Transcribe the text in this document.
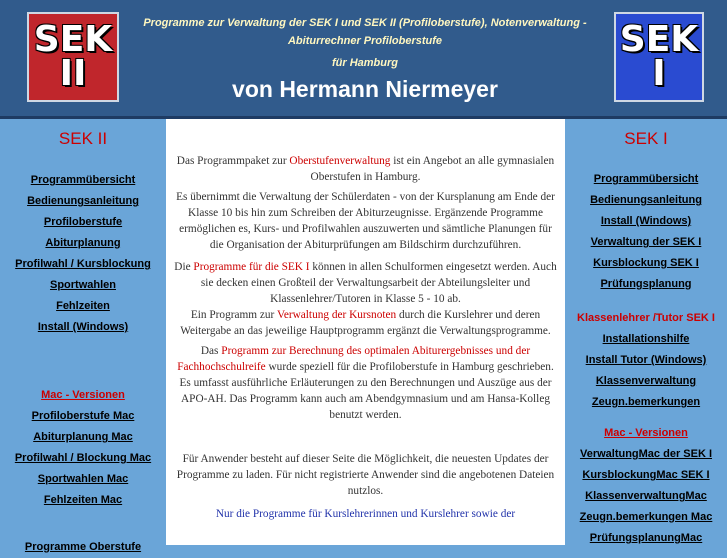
SEK
II
Programme zur Verwaltung der SEK I und SEK II (Profiloberstufe), Notenverwaltung -
Abiturrechner Profiloberstufe
für Hamburg
von Hermann Niermeyer
SEK
I
SEK II
Programmübersicht
Bedienungsanleitung
Profiloberstufe
Abiturplanung
Profilwahl / Kursblockung
Sportwahlen
Fehlzeiten
Install (Windows)
Mac - Versionen
Profiloberstufe Mac
Abiturplanung Mac
Profilwahl / Blockung Mac
Sportwahlen Mac
Fehlzeiten Mac
Programme Oberstufe

Das Programmpaket zur Oberstufenverwaltung ist ein Angebot an alle gymnasialen Oberstufen in Hamburg.

Es übernimmt die Verwaltung der Schülerdaten - von der Kursplanung am Ende der Klasse 10 bis hin zum Schreiben der Abiturzeugnisse. Ergänzende Programme ermöglichen es, Kurs- und Profilwahlen auszuwerten und sämtliche Planungen für die Organisation der Abiturprüfungen am Bildschirm durchzuführen.

Die Programme für die SEK I können in allen Schulformen eingesetzt werden. Auch sie decken einen Großteil der Verwaltungsarbeit der Abteilungsleiter und Klassenlehrer/Tutoren in Klasse 5 - 10 ab.

Ein Programm zur Verwaltung der Kursnoten durch die Kurslehrer und deren Weitergabe an das jeweilige Hauptprogramm ergänzt die Verwaltungsprogramme.

Das Programm zur Berechnung des optimalen Abiturergebnisses und der Fachhochschulreife wurde speziell für die Profiloberstufe in Hamburg geschrieben. Es umfasst ausführliche Erläuterungen zu den Berechnungen und Auszüge aus der APO-AH. Das Programm kann auch am Abendgymnasium und am Hansa-Kolleg benutzt werden.

Für Anwender besteht auf dieser Seite die Möglichkeit, die neuesten Updates der Programme zu laden. Für nicht registrierte Anwender sind die angebotenen Dateien nutzlos.

Nur die Programme für Kurslehrerinnen und Kurslehrer sowie der

SEK I
Programmübersicht
Bedienungsanleitung
Install (Windows)
Verwaltung der SEK I
Kursblockung SEK I
Prüfungsplanung
Klassenlehrer /Tutor SEK I
Installationshilfe
Install Tutor (Windows)
Klassenverwaltung
Zeugn.bemerkungen
Mac - Versionen
VerwaltungMac der SEK I
KursblockungMac SEK I
KlassenverwaltungMac
Zeugn.bemerkungen Mac
PrüfungsplanungMac
